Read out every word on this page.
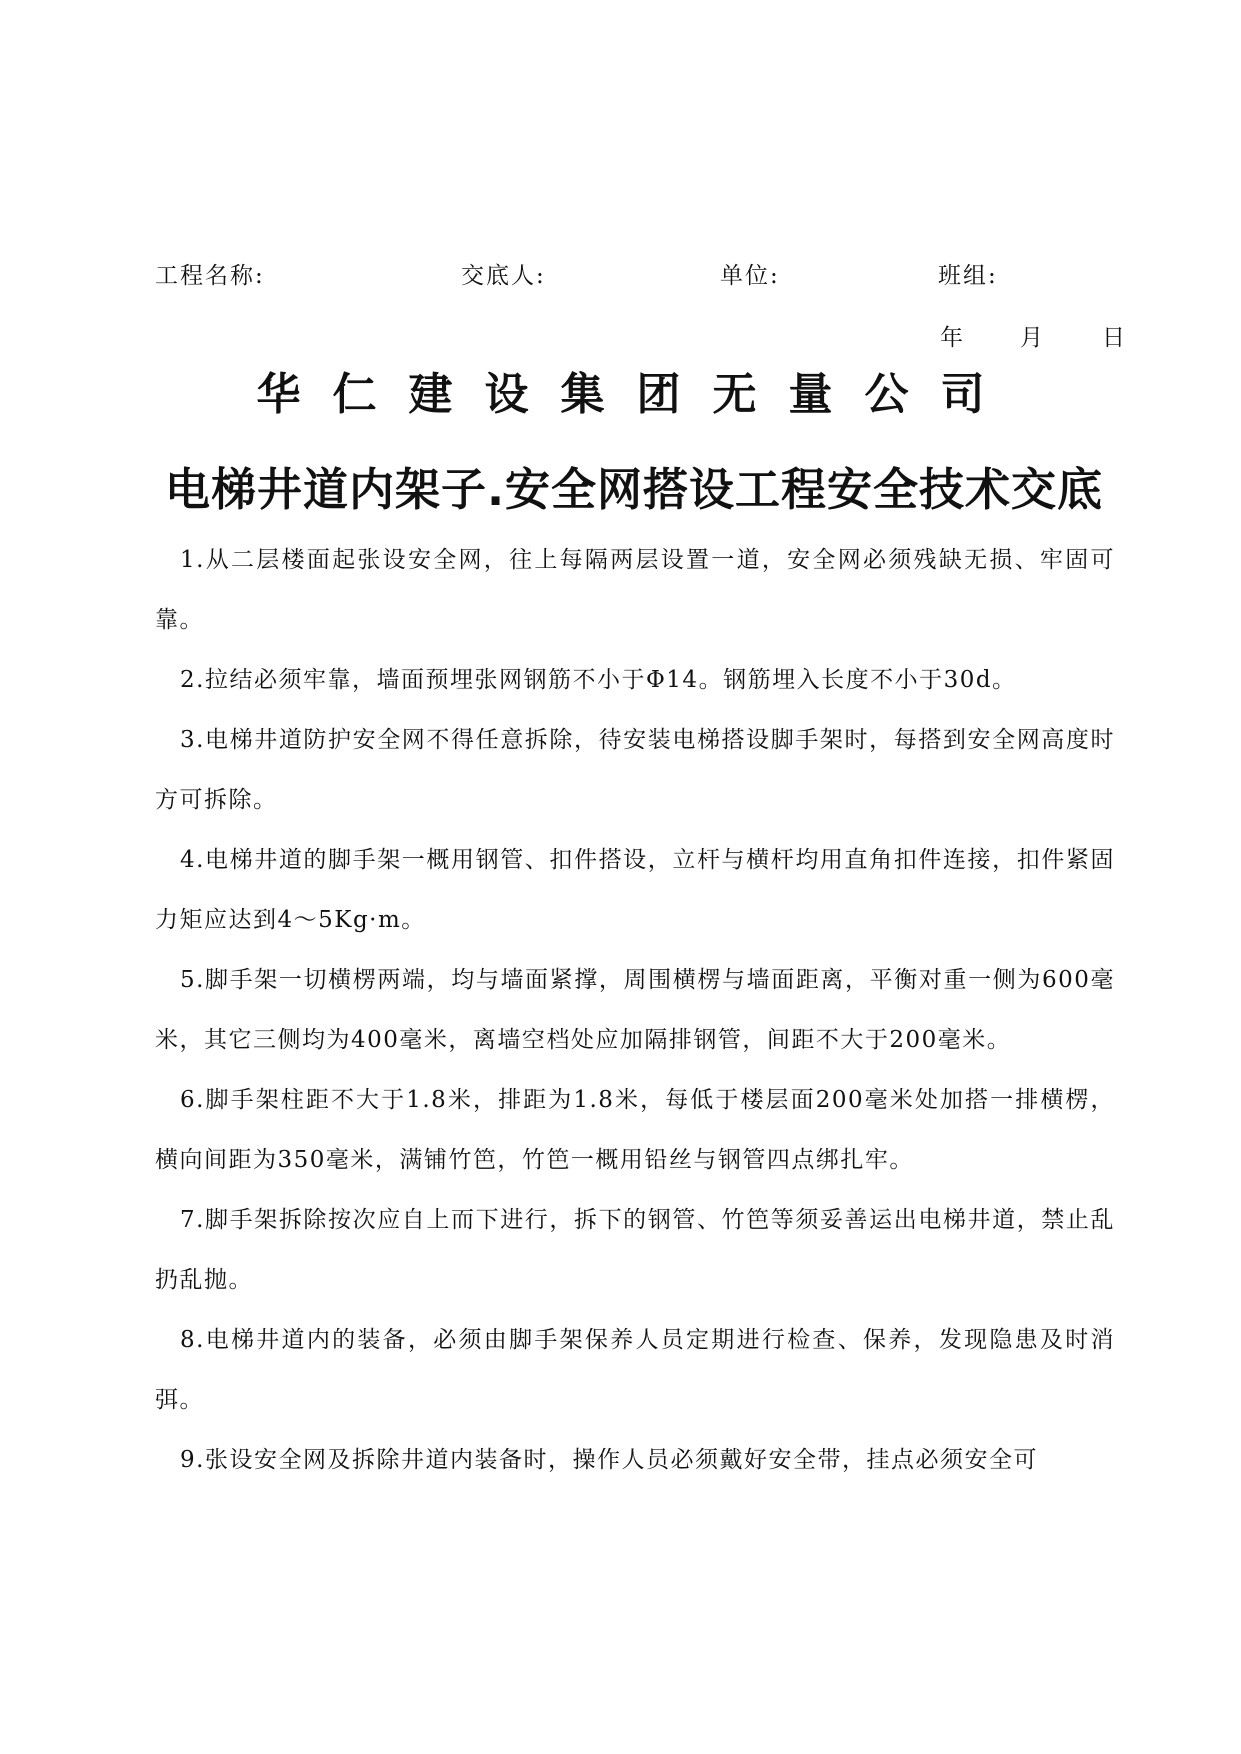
工程名称:	交底人:	单位:	班组:
年 月	日
华仁建设集团无量公司
电梯井道内架子.安全网搭设工程安全技术交底

1.从二层楼面起张设安全网，往上每隔两层设置一道，安全网必须残缺无损、牢固可靠。

2.拉结必须牢靠，墙面预埋张网钢筋不小于Φ14。钢筋埋入长度不小于30d。

3.电梯井道防护安全网不得任意拆除，待安装电梯搭设脚手架时，每搭到安全网高度时方可拆除。

4.电梯井道的脚手架一概用钢管、扣件搭设，立杆与横杆均用直角扣件连接，扣件紧固力矩应达到4～5Kg·m。

5.脚手架一切横楞两端，均与墙面紧撑，周围横楞与墙面距离，平衡对重一侧为600毫米，其它三侧均为400毫米，离墙空档处应加隔排钢管，间距不大于200毫米。

6.脚手架柱距不大于1.8米，排距为1.8米，每低于楼层面200毫米处加搭一排横楞，横向间距为350毫米，满铺竹笆，竹笆一概用铅丝与钢管四点绑扎牢。

7.脚手架拆除按次应自上而下进行，拆下的钢管、竹笆等须妥善运出电梯井道，禁止乱扔乱抛。

8.电梯井道内的装备，必须由脚手架保养人员定期进行检查、保养，发现隐患及时消弭。

9.张设安全网及拆除井道内装备时，操作人员必须戴好安全带，挂点必须安全可
